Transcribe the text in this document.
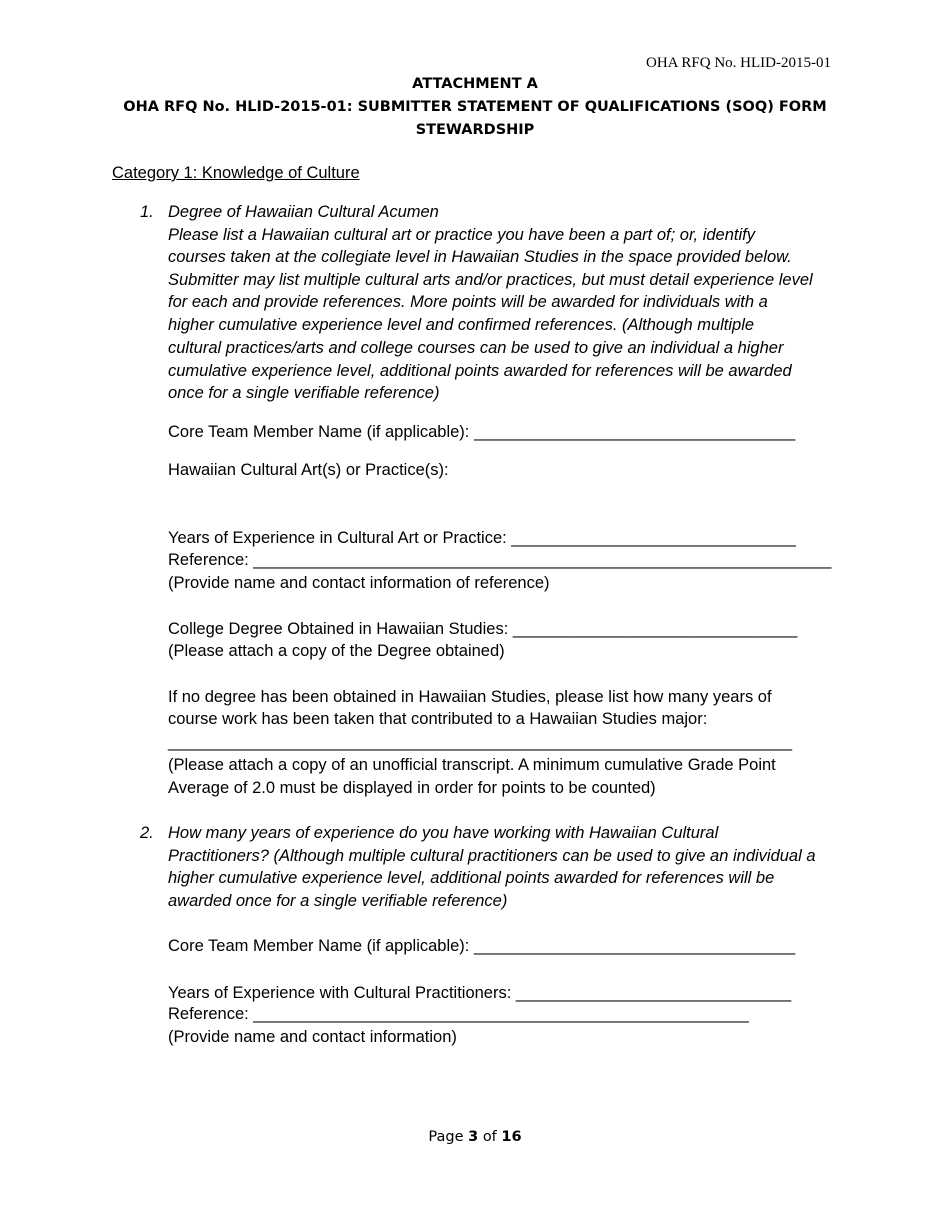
OHA RFQ No. HLID-2015-01
ATTACHMENT A
OHA RFQ No. HLID-2015-01: SUBMITTER STATEMENT OF QUALIFICATIONS (SOQ) FORM
STEWARDSHIP
Category 1: Knowledge of Culture
1. Degree of Hawaiian Cultural Acumen
Please list a Hawaiian cultural art or practice you have been a part of; or, identify
courses taken at the collegiate level in Hawaiian Studies in the space provided below.
Submitter may list multiple cultural arts and/or practices, but must detail experience level
for each and provide references. More points will be awarded for individuals with a
higher cumulative experience level and confirmed references. (Although multiple
cultural practices/arts and college courses can be used to give an individual a higher
cumulative experience level, additional points awarded for references will be awarded
once for a single verifiable reference)
Core Team Member Name (if applicable): ___________________________________
Hawaiian Cultural Art(s) or Practice(s):
Years of Experience in Cultural Art or Practice: _______________________________
Reference: _______________________________________________________________
(Provide name and contact information of reference)
College Degree Obtained in Hawaiian Studies: _______________________________
(Please attach a copy of the Degree obtained)
If no degree has been obtained in Hawaiian Studies, please list how many years of
course work has been taken that contributed to a Hawaiian Studies major:
____________________________________________________________________
(Please attach a copy of an unofficial transcript. A minimum cumulative Grade Point
Average of 2.0 must be displayed in order for points to be counted)
2. How many years of experience do you have working with Hawaiian Cultural
Practitioners? (Although multiple cultural practitioners can be used to give an individual a
higher cumulative experience level, additional points awarded for references will be
awarded once for a single verifiable reference)
Core Team Member Name (if applicable): ___________________________________
Years of Experience with Cultural Practitioners: ______________________________
Reference: ______________________________________________________
(Provide name and contact information)
Page 3 of 16
